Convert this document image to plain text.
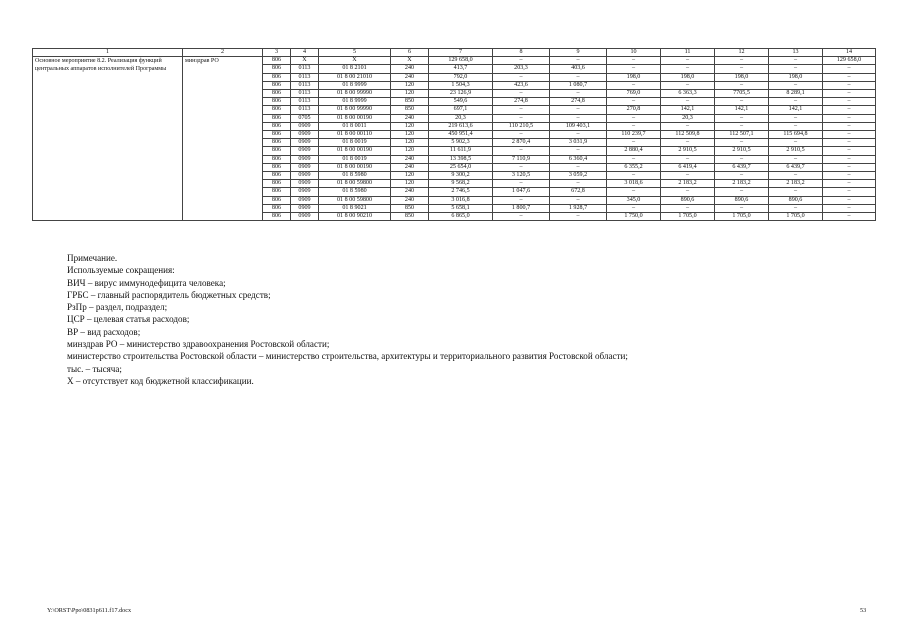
1	2	3	4	5	6	7	8	9	10	11	12	13	14
Основное мероприятие 8.2. Реализация функций центральных аппаратов исполнителей Программы	минздрав РО	806	X	X	X	129 658,0	–	–	–	–	–	–	129 658,0
		806	0113	01 8 2101	240	413,7	203,3	403,6	–	–	–	–	–
		806	0113	01 8 00 21010	240	792,0	–	–	198,0	198,0	198,0	198,0	–
		806	0113	01 8 9999	120	1 504,3	423,6	1 080,7	–	–	–	–	–
		806	0113	01 8 00 99990	120	23 126,9	–	–	769,0	6 363,3	7705,5	8 289,1	–
		806	0113	01 8 9999	850	549,6	274,8	274,8	–	–	–	–	–
		806	0113	01 8 00 99990	850	697,1	–	–	270,8	142,1	142,1	142,1	–
		806	0705	01 8 00 00190	240	20,3	–	–	–	20,3	–	–	–
		806	0909	01 8 0011	120	219 613,6	110 210,5	109 403,1	–	–	–	–	–
		806	0909	01 8 00 00110	120	450 951,4	–	–	110 239,7	112 509,8	112 507,1	115 694,8	–
		806	0909	01 8 0019	120	5 902,3	2 870,4	3 031,9	–	–	–	–	–
		806	0909	01 8 00 00190	120	11 611,9	–	–	2 880,4	2 910,5	2 910,5	2 910,5	–
		806	0909	01 8 0019	240	13 398,5	7 110,9	6 360,4	–	–	–	–	–
		806	0909	01 8 00 00190	240	25 654,0	–	–	6 355,2	6 419,4	6 439,7	6 439,7	–
		806	0909	01 8 5980	120	9 300,2	3 120,5	3 059,2	–	–	–	–	–
		806	0909	01 8 00 59800	120	9 568,2	–	–	3 018,6	2 183,2	2 183,2	2 183,2	–
		806	0909	01 8 5980	240	2 746,5	1 047,6	672,8	–	–	–	–	–
		806	0909	01 8 00 59800	240	3 016,8	–	–	345,0	890,6	890,6	890,6	–
		806	0909	01 8 9021	850	5 658,1	1 800,7	1 928,7	–	–	–	–	–
		806	0909	01 8 00 90210	850	6 865,0	–	–	1 750,0	1 705,0	1 705,0	1 705,0	–
Примечание.
Используемые сокращения:
ВИЧ – вирус иммунодефицита человека;
ГРБС – главный распорядитель бюджетных средств;
РзПр – раздел, подраздел;
ЦСР – целевая статья расходов;
ВР – вид расходов;
минздрав РО – министерство здравоохранения Ростовской области;
министерство строительства Ростовской области – министерство строительства, архитектуры и территориального развития Ростовской области;
тыс. – тысяча;
Х – отсутствует код бюджетной классификации.
Y:\ORST\Ppo\0831p611.f17.docx	53
